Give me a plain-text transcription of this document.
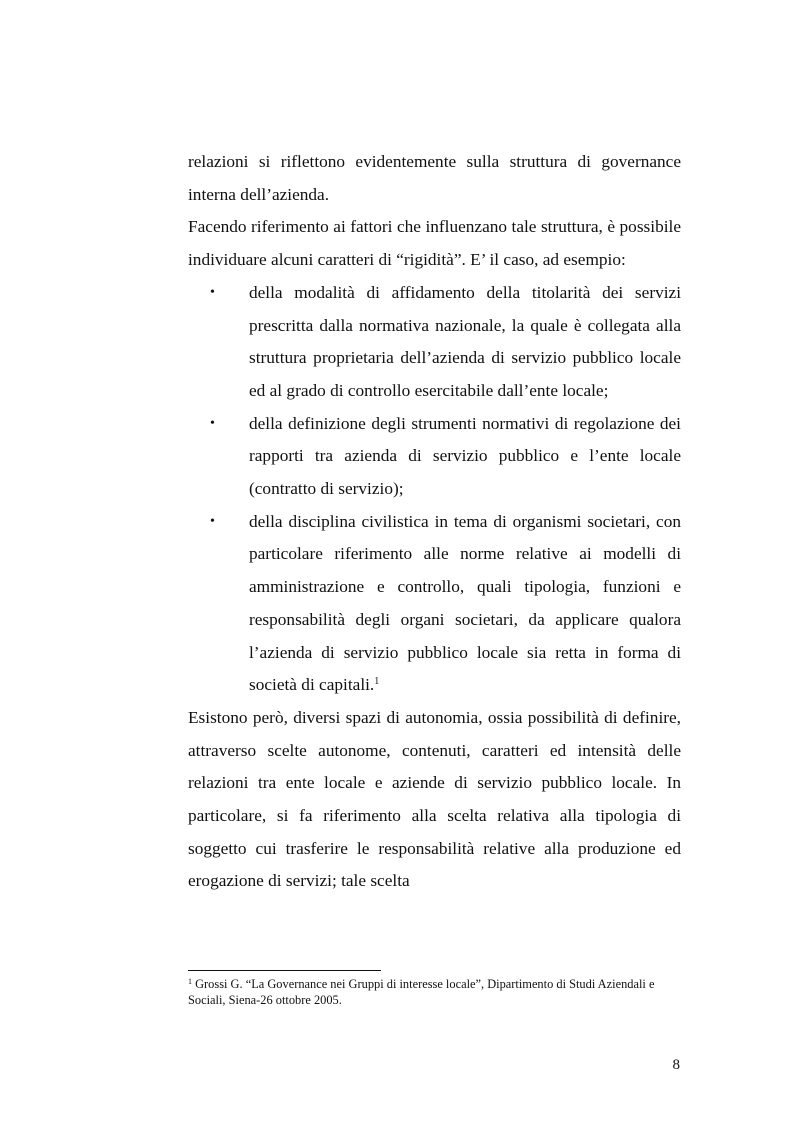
relazioni si riflettono evidentemente sulla struttura di governance interna dell’azienda.

Facendo riferimento ai fattori che influenzano tale struttura, è possibile individuare alcuni caratteri di “rigidità”. E’ il caso, ad esempio:

• della modalità di affidamento della titolarità dei servizi prescritta dalla normativa nazionale, la quale è collegata alla struttura proprietaria dell’azienda di servizio pubblico locale ed al grado di controllo esercitabile dall’ente locale;
• della definizione degli strumenti normativi di regolazione dei rapporti tra azienda di servizio pubblico e l’ente locale (contratto di servizio);
• della disciplina civilistica in tema di organismi societari, con particolare riferimento alle norme relative ai modelli di amministrazione e controllo, quali tipologia, funzioni e responsabilità degli organi societari, da applicare qualora l’azienda di servizio pubblico locale sia retta in forma di società di capitali.$^1$

Esistono però, diversi spazi di autonomia, ossia possibilità di definire, attraverso scelte autonome, contenuti, caratteri ed intensità delle relazioni tra ente locale e aziende di servizio pubblico locale. In particolare, si fa riferimento alla scelta relativa alla tipologia di soggetto cui trasferire le responsabilità relative alla produzione ed erogazione di servizi; tale scelta

$^1$ Grossi G. “La Governance nei Gruppi di interesse locale”, Dipartimento di Studi Aziendali e Sociali, Siena-26 ottobre 2005.

8
